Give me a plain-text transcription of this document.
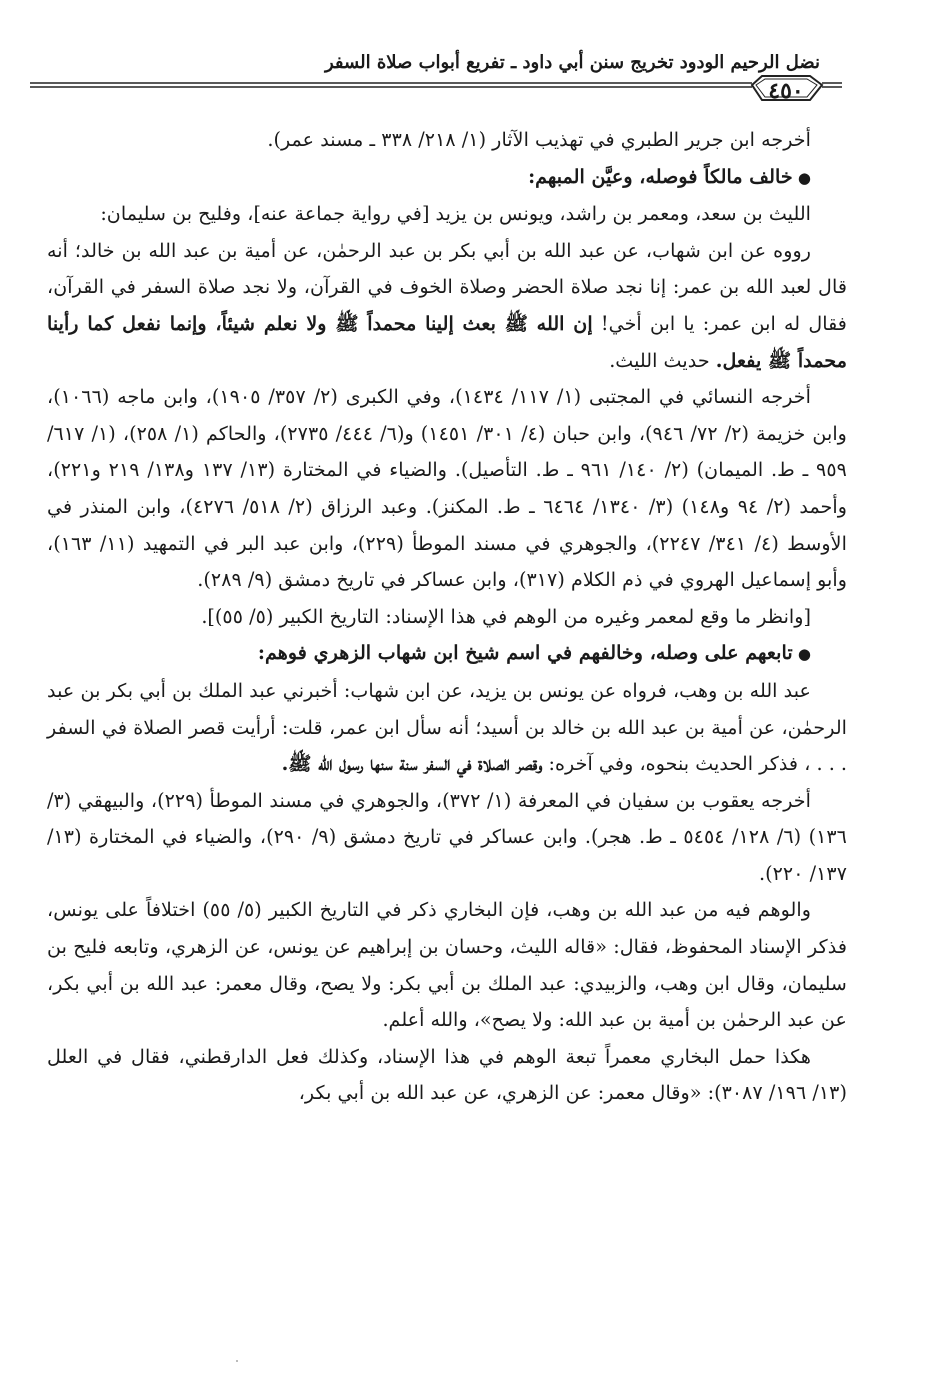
نضل الرحيم الودود تخريج سنن أبي داود ـ تفريع أبواب صلاة السفر
٤٥٠

أخرجه ابن جرير الطبري في تهذيب الآثار (١/ ٢١٨/ ٣٣٨ ـ مسند عمر).

● خالف مالكاً فوصله، وعيَّن المبهم:

الليث بن سعد، ومعمر بن راشد، ويونس بن يزيد [في رواية جماعة عنه]، وفليح بن سليمان:

رووه عن ابن شهاب، عن عبد الله بن أبي بكر بن عبد الرحمٰن، عن أمية بن عبد الله بن خالد؛ أنه قال لعبد الله بن عمر: إنا نجد صلاة الحضر وصلاة الخوف في القرآن، ولا نجد صلاة السفر في القرآن، فقال له ابن عمر: يا ابن أخي! إن الله ﷺ بعث إلينا محمداً ﷺ ولا نعلم شيئاً، وإنما نفعل كما رأينا محمداً ﷺ يفعل. حديث الليث.

أخرجه النسائي في المجتبى (١/ ١١٧/ ١٤٣٤)، وفي الكبرى (٢/ ٣٥٧/ ١٩٠٥)، وابن ماجه (١٠٦٦)، وابن خزيمة (٢/ ٧٢/ ٩٤٦)، وابن حبان (٤/ ٣٠١/ ١٤٥١) و(٦/ ٤٤٤/ ٢٧٣٥)، والحاكم (١/ ٢٥٨)، (١/ ٦١٧/ ٩٥٩ ـ ط. الميمان) (٢/ ١٤٠/ ٩٦١ ـ ط. التأصيل). والضياء في المختارة (١٣/ ١٣٧ و١٣٨/ ٢١٩ و٢٢١)، وأحمد (٢/ ٩٤ و١٤٨) (٣/ ١٣٤٠/ ٦٤٦٤ ـ ط. المكنز). وعبد الرزاق (٢/ ٥١٨/ ٤٢٧٦)، وابن المنذر في الأوسط (٤/ ٣٤١/ ٢٢٤٧)، والجوهري في مسند الموطأ (٢٢٩)، وابن عبد البر في التمهيد (١١/ ١٦٣)، وأبو إسماعيل الهروي في ذم الكلام (٣١٧)، وابن عساكر في تاريخ دمشق (٩/ ٢٨٩).

[وانظر ما وقع لمعمر وغيره من الوهم في هذا الإسناد: التاريخ الكبير (٥/ ٥٥)].

● تابعهم على وصله، وخالفهم في اسم شيخ ابن شهاب الزهري فوهم:

عبد الله بن وهب، فرواه عن يونس بن يزيد، عن ابن شهاب: أخبرني عبد الملك بن أبي بكر بن عبد الرحمٰن، عن أمية بن عبد الله بن خالد بن أسيد؛ أنه سأل ابن عمر، قلت: أرأيت قصر الصلاة في السفر . . . ، فذكر الحديث بنحوه، وفي آخره: وقصر الصلاة في السفر سنة سنها رسول الله ﷺ.

أخرجه يعقوب بن سفيان في المعرفة (١/ ٣٧٢)، والجوهري في مسند الموطأ (٢٢٩)، والبيهقي (٣/ ١٣٦) (٦/ ١٢٨/ ٥٤٥٤ ـ ط. هجر). وابن عساكر في تاريخ دمشق (٩/ ٢٩٠)، والضياء في المختارة (١٣/ ١٣٧/ ٢٢٠).

والوهم فيه من عبد الله بن وهب، فإن البخاري ذكر في التاريخ الكبير (٥/ ٥٥) اختلافاً على يونس، فذكر الإسناد المحفوظ، فقال: «قاله الليث، وحسان بن إبراهيم عن يونس، عن الزهري، وتابعه فليح بن سليمان، وقال ابن وهب، والزبيدي: عبد الملك بن أبي بكر: ولا يصح، وقال معمر: عبد الله بن أبي بكر، عن عبد الرحمٰن بن أمية بن عبد الله: ولا يصح»، والله أعلم.

هكذا حمل البخاري معمراً تبعة الوهم في هذا الإسناد، وكذلك فعل الدارقطني، فقال في العلل (١٣/ ١٩٦/ ٣٠٨٧): «وقال معمر: عن الزهري، عن عبد الله بن أبي بكر،
